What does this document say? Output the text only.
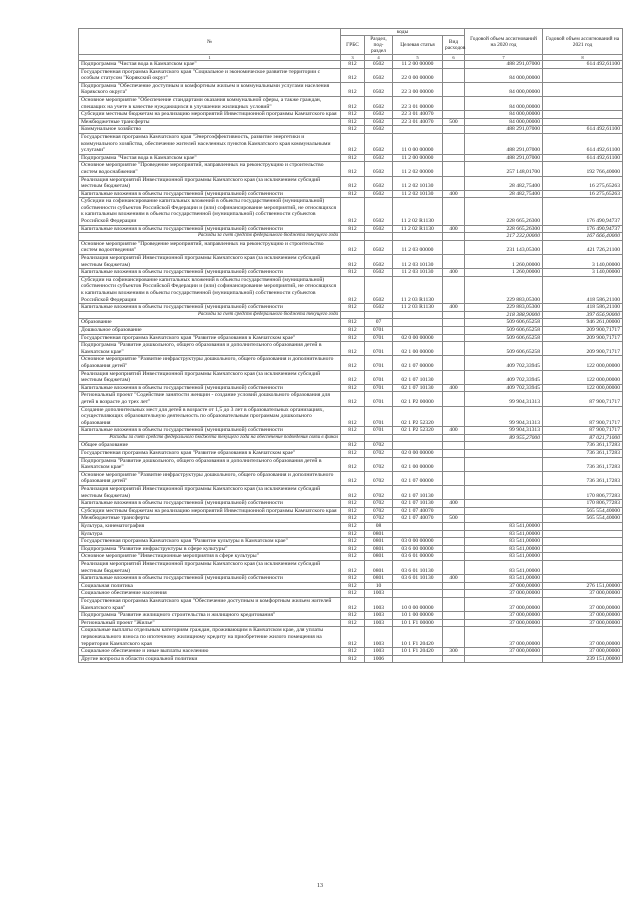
№	коды				Годовой объем ассигнований на 2020 год	Годовой объем ассигнований на 2021 год
	ГРБС	Раздел, под-раздел	Целевая статья	Вид расходов		
1	3	4	5	6	7	8
Подпрограмма "Чистая вода в Камчатском крае"	812	0502	11 2 00 00000		488 291,07000	614 492,61100
Государственная программа Камчатского края "Социальное и экономическое развитие территории с особым статусом "Корякский округ"	812	0502	22 0 00 00000		84 000,00000	
Подпрограмма "Обеспечение доступным и комфортным жильем и коммунальными услугами населения Корякского округа"	812	0502	22 3 00 00000		84 000,00000	
Основное мероприятие "Обеспечение стандартами оказания коммунальной сферы, а также граждан, спешащих на учете в качестве нуждающихся в улучшении жилищных условий"	812	0502	22 3 01 00000		84 000,00000	
Субсидии местным бюджетам на реализацию мероприятий Инвестиционной программы Камчатского края	812	0502	22 3 01 40070		84 000,00000	
Межбюджетные трансферты	812	0502	22 3 01 40070	500	84 000,00000	
Коммунальное хозяйство	812	0502			488 291,07000	614 492,61100
Государственная программа Камчатского края "Энергоэффективность, развитие энергетики и коммунального хозяйства, обеспечение жителей населенных пунктов Камчатского края коммунальными услугами"	812	0502	11 0 00 00000		488 291,07000	614 492,61100
Подпрограмма "Чистая вода в Камчатском крае"	812	0502	11 2 00 00000		488 291,07000	614 492,61100
Основное мероприятие "Проведение мероприятий, направленных на реконструкцию и строительство систем водоснабжения"	812	0502	11 2 02 00000		257 148,01700	192 766,40000
Реализация мероприятий Инвестиционной программы Камчатского края (за исключением субсидий местным бюджетам)	812	0502	11 2 02 10130		28 482,75400	16 275,65263
Капитальные вложения в объекты государственной (муниципальной) собственности	812	0502	11 2 02 10130	400	28 482,75400	16 275,65263
Субсидии на софинансирование капитальных вложений в объекты государственной (муниципальной) собственности субъектов Российской Федерации и (или) софинансирование мероприятий, не относящихся к капитальным вложениям в объекты государственной (муниципальной) собственности субъектов Российской Федерации	812	0502	11 2 02 R1130		228 665,26300	176 490,94737
Капитальные вложения в объекты государственной (муниципальной) собственности	812	0502	11 2 02 R1130	400	228 665,26300	176 490,94737
Расходы за счет средств федерального бюджета текущего года					217 232,00000	167 666,40000
Основное мероприятие "Проведение мероприятий, направленных на реконструкцию и строительство систем водоотведения"	812	0502	11 2 03 00000		231 143,05300	421 726,21100
Реализация мероприятий Инвестиционной программы Камчатского края (за исключением субсидий местным бюджетам)	812	0502	11 2 03 10130		1 260,00000	3 140,00000
Капитальные вложения в объекты государственной (муниципальной) собственности	812	0502	11 2 03 10130	400	1 260,00000	3 140,00000
Субсидии на софинансирование капитальных вложений в объекты государственной (муниципальной) собственности субъектов Российской Федерации и (или) софинансирование мероприятий, не относящихся к капитальным вложениям в объекты государственной (муниципальной) собственности субъектов Российской Федерации	812	0502	11 2 03 R1130		229 883,05300	418 586,21100
Капитальные вложения в объекты государственной (муниципальной) собственности	812	0502	11 2 03 R1130	400	229 883,05300	418 586,21100
Расходы за счет средств федерального бюджета текущего года					218 388,90000	397 656,90000
Образование	812	07			509 606,65258	946 261,00000
Дошкольное образование	812	0701			509 606,65258	209 900,71717
Государственная программа Камчатского края "Развитие образования в Камчатском крае"	812	0701	02 0 00 00000		509 606,65258	209 900,71717
Подпрограмма "Развитие дошкольного, общего образования и дополнительного образования детей в Камчатском крае"	812	0701	02 1 00 00000		509 606,65258	209 900,71717
Основное мероприятие "Развитие инфраструктуры дошкольного, общего образования и дополнительного образования детей"	812	0701	02 1 07 00000		409 702,33945	122 000,00000
Реализация мероприятий Инвестиционной программы Камчатского края (за исключением субсидий местным бюджетам)	812	0701	02 1 07 10130		409 702,33945	122 000,00000
Капитальные вложения в объекты государственной (муниципальной) собственности	812	0701	02 1 07 10130	400	409 702,33945	122 000,00000
Региональный проект "Содействие занятости женщин - создание условий дошкольного образования для детей в возрасте до трех лет"	812	0701	02 1 P2 00000		99 904,31313	87 900,71717
Создание дополнительных мест для детей в возрасте от 1,5 до 3 лет в образовательных организациях, осуществляющих образовательную деятельность по образовательным программам дошкольного образования	812	0701	02 1 P2 52320		99 904,31313	87 900,71717
Капитальные вложения в объекты государственной (муниципальной) собственности	812	0701	02 1 P2 52320	400	99 904,31313	87 900,71717
Расходы за счет средств федерального бюджета текущего года на обеспечение подведения связи в финал					89 955,27000	87 021,71000
Общее образование	812	0702				736 361,17283
Государственная программа Камчатского края "Развитие образования в Камчатском крае"	812	0702	02 0 00 00000			736 361,17283
Подпрограмма "Развитие дошкольного, общего образования и дополнительного образования детей в Камчатском крае"	812	0702	02 1 00 00000			736 361,17283
Основное мероприятие "Развитие инфраструктуры дошкольного, общего образования и дополнительного образования детей"	812	0702	02 1 07 00000			736 361,17283
Реализация мероприятий Инвестиционной программы Камчатского края (за исключением субсидий местным бюджетам)	812	0702	02 1 07 10130			170 806,77283
Капитальные вложения в объекты государственной (муниципальной) собственности	812	0702	02 1 07 10130	400		170 806,77283
Субсидии местным бюджетам на реализацию мероприятий Инвестиционной программы Камчатского края	812	0702	02 1 07 40070			565 554,40000
Межбюджетные трансферты	812	0702	02 1 07 40070	500		565 554,40000
Культура, кинематография	812	08			83 541,00000	
Культура	812	0801			83 541,00000	
Государственная программа Камчатского края "Развитие культуры в Камчатском крае"	812	0801	03 0 00 00000		83 541,00000	
Подпрограмма "Развитие инфраструктуры в сфере культуры"	812	0801	03 6 00 00000		83 541,00000	
Основное мероприятие "Инвестиционные мероприятия в сфере культуры"	812	0801	03 6 01 00000		83 541,00000	
Реализация мероприятий Инвестиционной программы Камчатского края (за исключением субсидий местным бюджетам)	812	0801	03 6 01 10130		83 541,00000	
Капитальные вложения в объекты государственной (муниципальной) собственности	812	0801	03 6 01 10130	400	83 541,00000	
Социальная политика	812	10			37 000,00000	276 151,00000
Социальное обеспечение населения	812	1003			37 000,00000	37 000,00000
Государственная программа Камчатского края "Обеспечение доступным и комфортным жильем жителей Камчатского края"	812	1003	10 0 00 00000		37 000,00000	37 000,00000
Подпрограмма "Развитие жилищного строительства и жилищного кредитования"	812	1003	10 1 00 00000		37 000,00000	37 000,00000
Региональный проект "Жилье"	812	1003	10 1 F1 00000		37 000,00000	37 000,00000
Социальные выплаты отдельным категориям граждан, проживающим в Камчатском крае, для уплаты первоначального взноса по ипотечному жилищному кредиту на приобретение жилого помещения на территории Камчатского края	812	1003	10 1 F1 20420		37 000,00000	37 000,00000
Социальное обеспечение и иные выплаты населению	812	1003	10 1 F1 20420	300	37 000,00000	37 000,00000
Другие вопросы в области социальной политики	812	1006				239 151,00000
13
